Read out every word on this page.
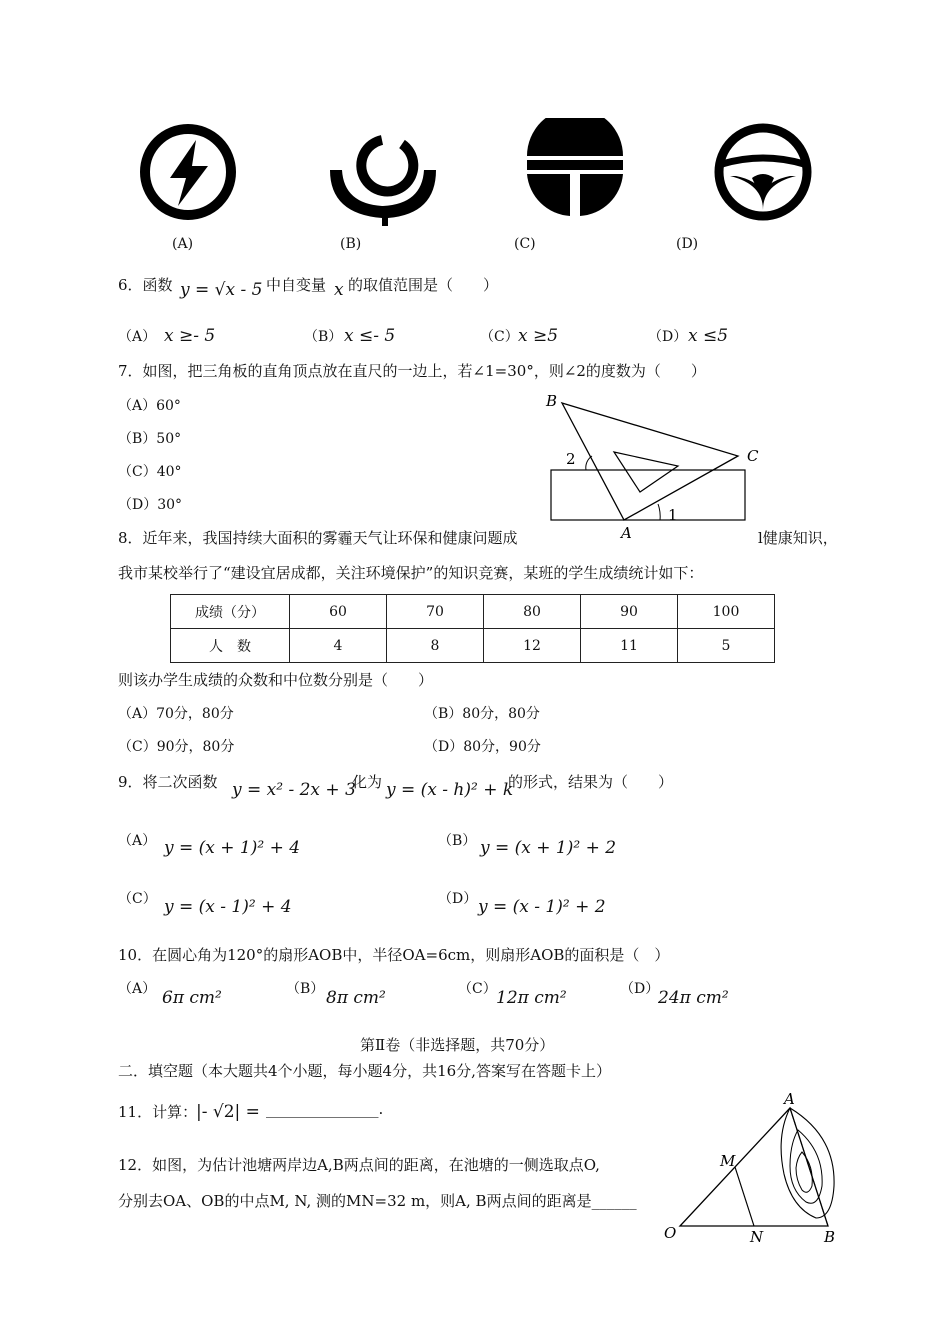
(A)	(B)	(C)	(D)
6．函数 y = √x - 5 中自变量 x 的取值范围是（　　）
（A） x ≥- 5	（B） x ≤- 5	（C） x ≥5	（D） x ≤5
7．如图，把三角板的直角顶点放在直尺的一边上，若∠1=30°，则∠2的度数为（　　）
（A）60°
（B）50°
（C）40°
（D）30°
B
C
A
1
2
8．近年来，我国持续大面积的雾霾天气让环保和健康问题成	l健康知识，
我市某校举行了“建设宜居成都，关注环境保护”的知识竞赛，某班的学生成绩统计如下：
成绩（分）	60	70	80	90	100
人　数	4	8	12	11	5
则该办学生成绩的众数和中位数分别是（　　）
（A）70分，80分	（B）80分，80分
（C）90分，80分	（D）80分，90分
9．将二次函数 y = x² - 2x + 3
化为 y = (x - h)² + k
的形式，结果为（　　）
（A） y = (x + 1)² + 4	（B） y = (x + 1)² + 2
（C） y = (x - 1)² + 4	（D） y = (x - 1)² + 2
10．在圆心角为120°的扇形AOB中，半径OA=6cm，则扇形AOB的面积是（　）
（A） 6π cm²	（B） 8π cm²	（C） 12π cm²	（D）
24π cm²
第Ⅱ卷（非选择题，共70分）
二．填空题（本大题共4个小题，每小题4分，共16分,答案写在答题卡上）
11．计算：
|- √2| = _______________.
12．如图，为估计池塘两岸边A,B两点间的距离，在池塘的一侧选取点O,
分别去OA、OB的中点M, N, 测的MN=32 m，则A, B两点间的距离是______
A
M
O	N	B
